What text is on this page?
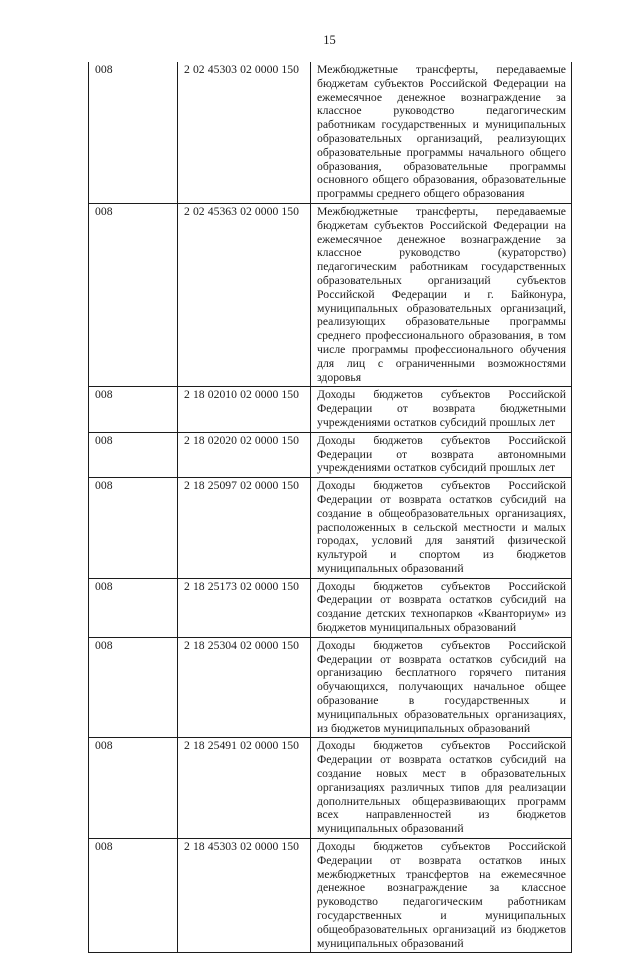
15
008	2 02 45303 02 0000 150	Межбюджетные трансферты, передаваемые бюджетам субъектов Российской Федерации на ежемесячное денежное вознаграждение за классное руководство педагогическим работникам государственных и муниципальных образовательных организаций, реализующих образовательные программы начального общего образования, образовательные программы основного общего образования, образовательные программы среднего общего образования
008	2 02 45363 02 0000 150	Межбюджетные трансферты, передаваемые бюджетам субъектов Российской Федерации на ежемесячное денежное вознаграждение за классное руководство (кураторство) педагогическим работникам государственных образовательных организаций субъектов Российской Федерации и г. Байконура, муниципальных образовательных организаций, реализующих образовательные программы среднего профессионального образования, в том числе программы профессионального обучения для лиц с ограниченными возможностями здоровья
008	2 18 02010 02 0000 150	Доходы бюджетов субъектов Российской Федерации от возврата бюджетными учреждениями остатков субсидий прошлых лет
008	2 18 02020 02 0000 150	Доходы бюджетов субъектов Российской Федерации от возврата автономными учреждениями остатков субсидий прошлых лет
008	2 18 25097 02 0000 150	Доходы бюджетов субъектов Российской Федерации от возврата остатков субсидий на создание в общеобразовательных организациях, расположенных в сельской местности и малых городах, условий для занятий физической культурой и спортом из бюджетов муниципальных образований
008	2 18 25173 02 0000 150	Доходы бюджетов субъектов Российской Федерации от возврата остатков субсидий на создание детских технопарков «Кванториум» из бюджетов муниципальных образований
008	2 18 25304 02 0000 150	Доходы бюджетов субъектов Российской Федерации от возврата остатков субсидий на организацию бесплатного горячего питания обучающихся, получающих начальное общее образование в государственных и муниципальных образовательных организациях, из бюджетов муниципальных образований
008	2 18 25491 02 0000 150	Доходы бюджетов субъектов Российской Федерации от возврата остатков субсидий на создание новых мест в образовательных организациях различных типов для реализации дополнительных общеразвивающих программ всех направленностей из бюджетов муниципальных образований
008	2 18 45303 02 0000 150	Доходы бюджетов субъектов Российской Федерации от возврата остатков иных межбюджетных трансфертов на ежемесячное денежное вознаграждение за классное руководство педагогическим работникам государственных и муниципальных общеобразовательных организаций из бюджетов муниципальных образований
